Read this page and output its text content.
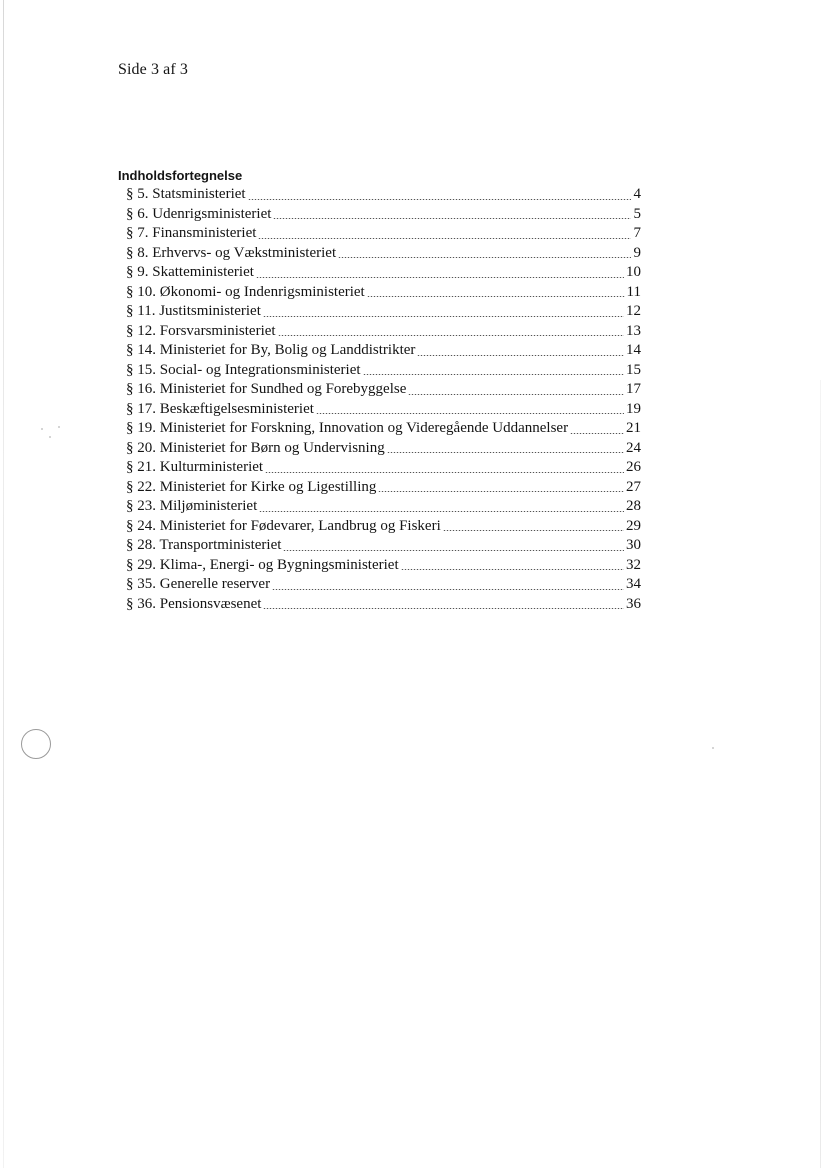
Side 3 af 3
Indholdsfortegnelse
§ 5. Statsministeriet	4
§ 6. Udenrigsministeriet	5
§ 7. Finansministeriet	7
§ 8. Erhvervs- og Vækstministeriet	9
§ 9. Skatteministeriet	10
§ 10. Økonomi- og Indenrigsministeriet	11
§ 11. Justitsministeriet	12
§ 12. Forsvarsministeriet	13
§ 14. Ministeriet for By, Bolig og Landdistrikter	14
§ 15. Social- og Integrationsministeriet	15
§ 16. Ministeriet for Sundhed og Forebyggelse	17
§ 17. Beskæftigelsesministeriet	19
§ 19. Ministeriet for Forskning, Innovation og Videregående Uddannelser	21
§ 20. Ministeriet for Børn og Undervisning	24
§ 21. Kulturministeriet	26
§ 22. Ministeriet for Kirke og Ligestilling	27
§ 23. Miljøministeriet	28
§ 24. Ministeriet for Fødevarer, Landbrug og Fiskeri	29
§ 28. Transportministeriet	30
§ 29. Klima-, Energi- og Bygningsministeriet	32
§ 35. Generelle reserver	34
§ 36. Pensionsvæsenet	36
